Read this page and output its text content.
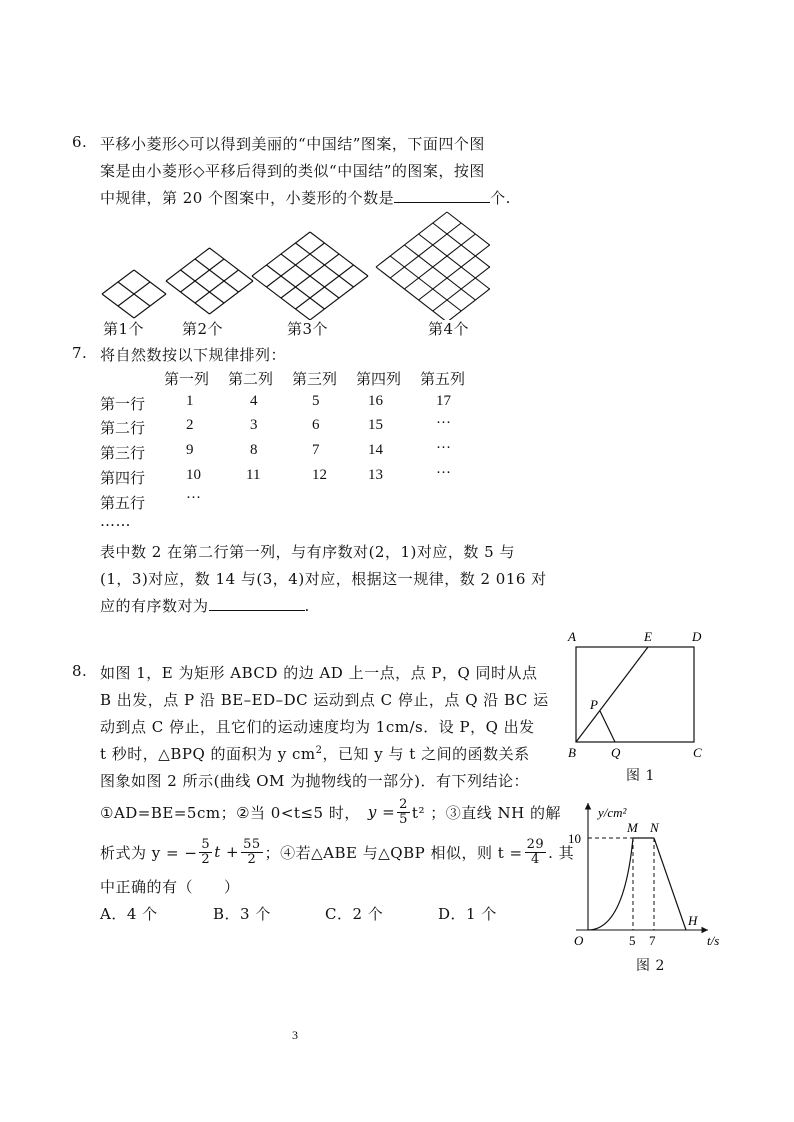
6. 平移小菱形◇可以得到美丽的“中国结”图案，下面四个图
案是由小菱形◇平移后得到的类似“中国结”的图案，按图
中规律，第 20 个图案中，小菱形的个数是	个.
第1个	第2个	第3个	第4个
7. 将自然数按以下规律排列：
第一列 第二列 第三列 第四列 第五列
第一行	1	4	5	16	17
第二行	2	3	6	15	···
第三行	9	8	7	14	···
第四行	10	11	12	13	···
第五行	···
……
表中数 2 在第二行第一列，与有序数对(2，1)对应，数 5 与
(1，3)对应，数 14 与(3，4)对应，根据这一规律，数 2 016 对
应的有序数对为	.
8. 如图 1，E 为矩形 ABCD 的边 AD 上一点，点 P，Q 同时从点
B 出发，点 P 沿 BE–ED–DC 运动到点 C 停止，点 Q 沿 BC 运
动到点 C 停止，且它们的运动速度均为 1cm/s．设 P，Q 出发
t 秒时，△BPQ 的面积为 y $cm^2$，已知 y 与 t 之间的函数关系
图象如图 2 所示(曲线 OM 为抛物线的一部分)．有下列结论：
①AD=BE=5cm；②当 0<t≤5 时， $y = \frac{2}{5} t^2$ ；③直线 NH 的解
析式为 y = − $\frac{5}{2}$ $t + \frac{55}{2}$ ；④若△ABE 与△QBP 相似，则 $t = \frac{29}{4}$ . 其
中正确的有（　　）
A．4 个	B．3 个	C．2 个	D．1 个
A	E	D
P
B	Q	C
图 1
y/cm²
t/s
O
10
5 7
M N
H
图 2
3
